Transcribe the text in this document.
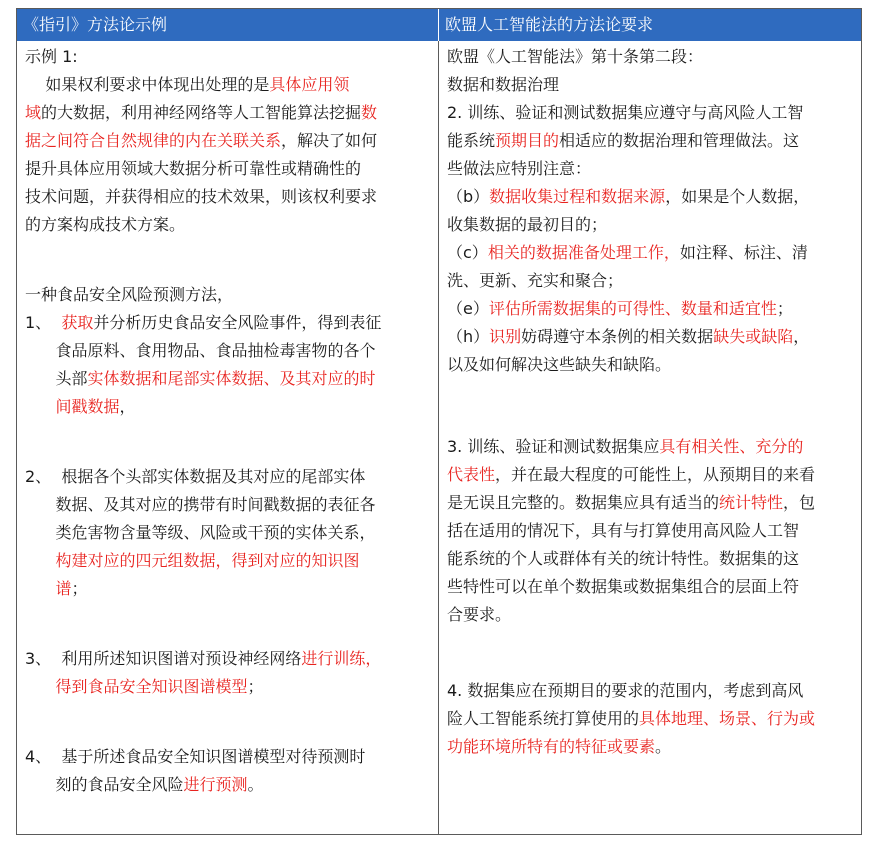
《指引》方法论示例	欧盟人工智能法的方法论要求
示例 1:
如果权利要求中体现出处理的是具体应用领
域的大数据，利用神经网络等人工智能算法挖掘数
据之间符合自然规律的内在关联关系，解决了如何
提升具体应用领域大数据分析可靠性或精确性的
技术问题，并获得相应的技术效果，则该权利要求
的方案构成技术方案。
一种食品安全风险预测方法，
1、  获取并分析历史食品安全风险事件，得到表征
食品原料、食用物品、食品抽检毒害物的各个
头部实体数据和尾部实体数据、及其对应的时
间戳数据，
2、  根据各个头部实体数据及其对应的尾部实体
数据、及其对应的携带有时间戳数据的表征各
类危害物含量等级、风险或干预的实体关系，
构建对应的四元组数据，得到对应的知识图
谱；
3、  利用所述知识图谱对预设神经网络进行训练，
得到食品安全知识图谱模型；
4、  基于所述食品安全知识图谱模型对待预测时
刻的食品安全风险进行预测。
欧盟《人工智能法》第十条第二段：
数据和数据治理
2. 训练、验证和测试数据集应遵守与高风险人工智
能系统预期目的相适应的数据治理和管理做法。这
些做法应特别注意：
（b）数据收集过程和数据来源，如果是个人数据，
收集数据的最初目的；
（c）相关的数据准备处理工作，如注释、标注、清
洗、更新、充实和聚合；
（e）评估所需数据集的可得性、数量和适宜性；
（h）识别妨碍遵守本条例的相关数据缺失或缺陷，
以及如何解决这些缺失和缺陷。
3. 训练、验证和测试数据集应具有相关性、充分的
代表性，并在最大程度的可能性上，从预期目的来看
是无误且完整的。数据集应具有适当的统计特性，包
括在适用的情况下，具有与打算使用高风险人工智
能系统的个人或群体有关的统计特性。数据集的这
些特性可以在单个数据集或数据集组合的层面上符
合要求。
4. 数据集应在预期目的要求的范围内，考虑到高风
险人工智能系统打算使用的具体地理、场景、行为或
功能环境所特有的特征或要素。
